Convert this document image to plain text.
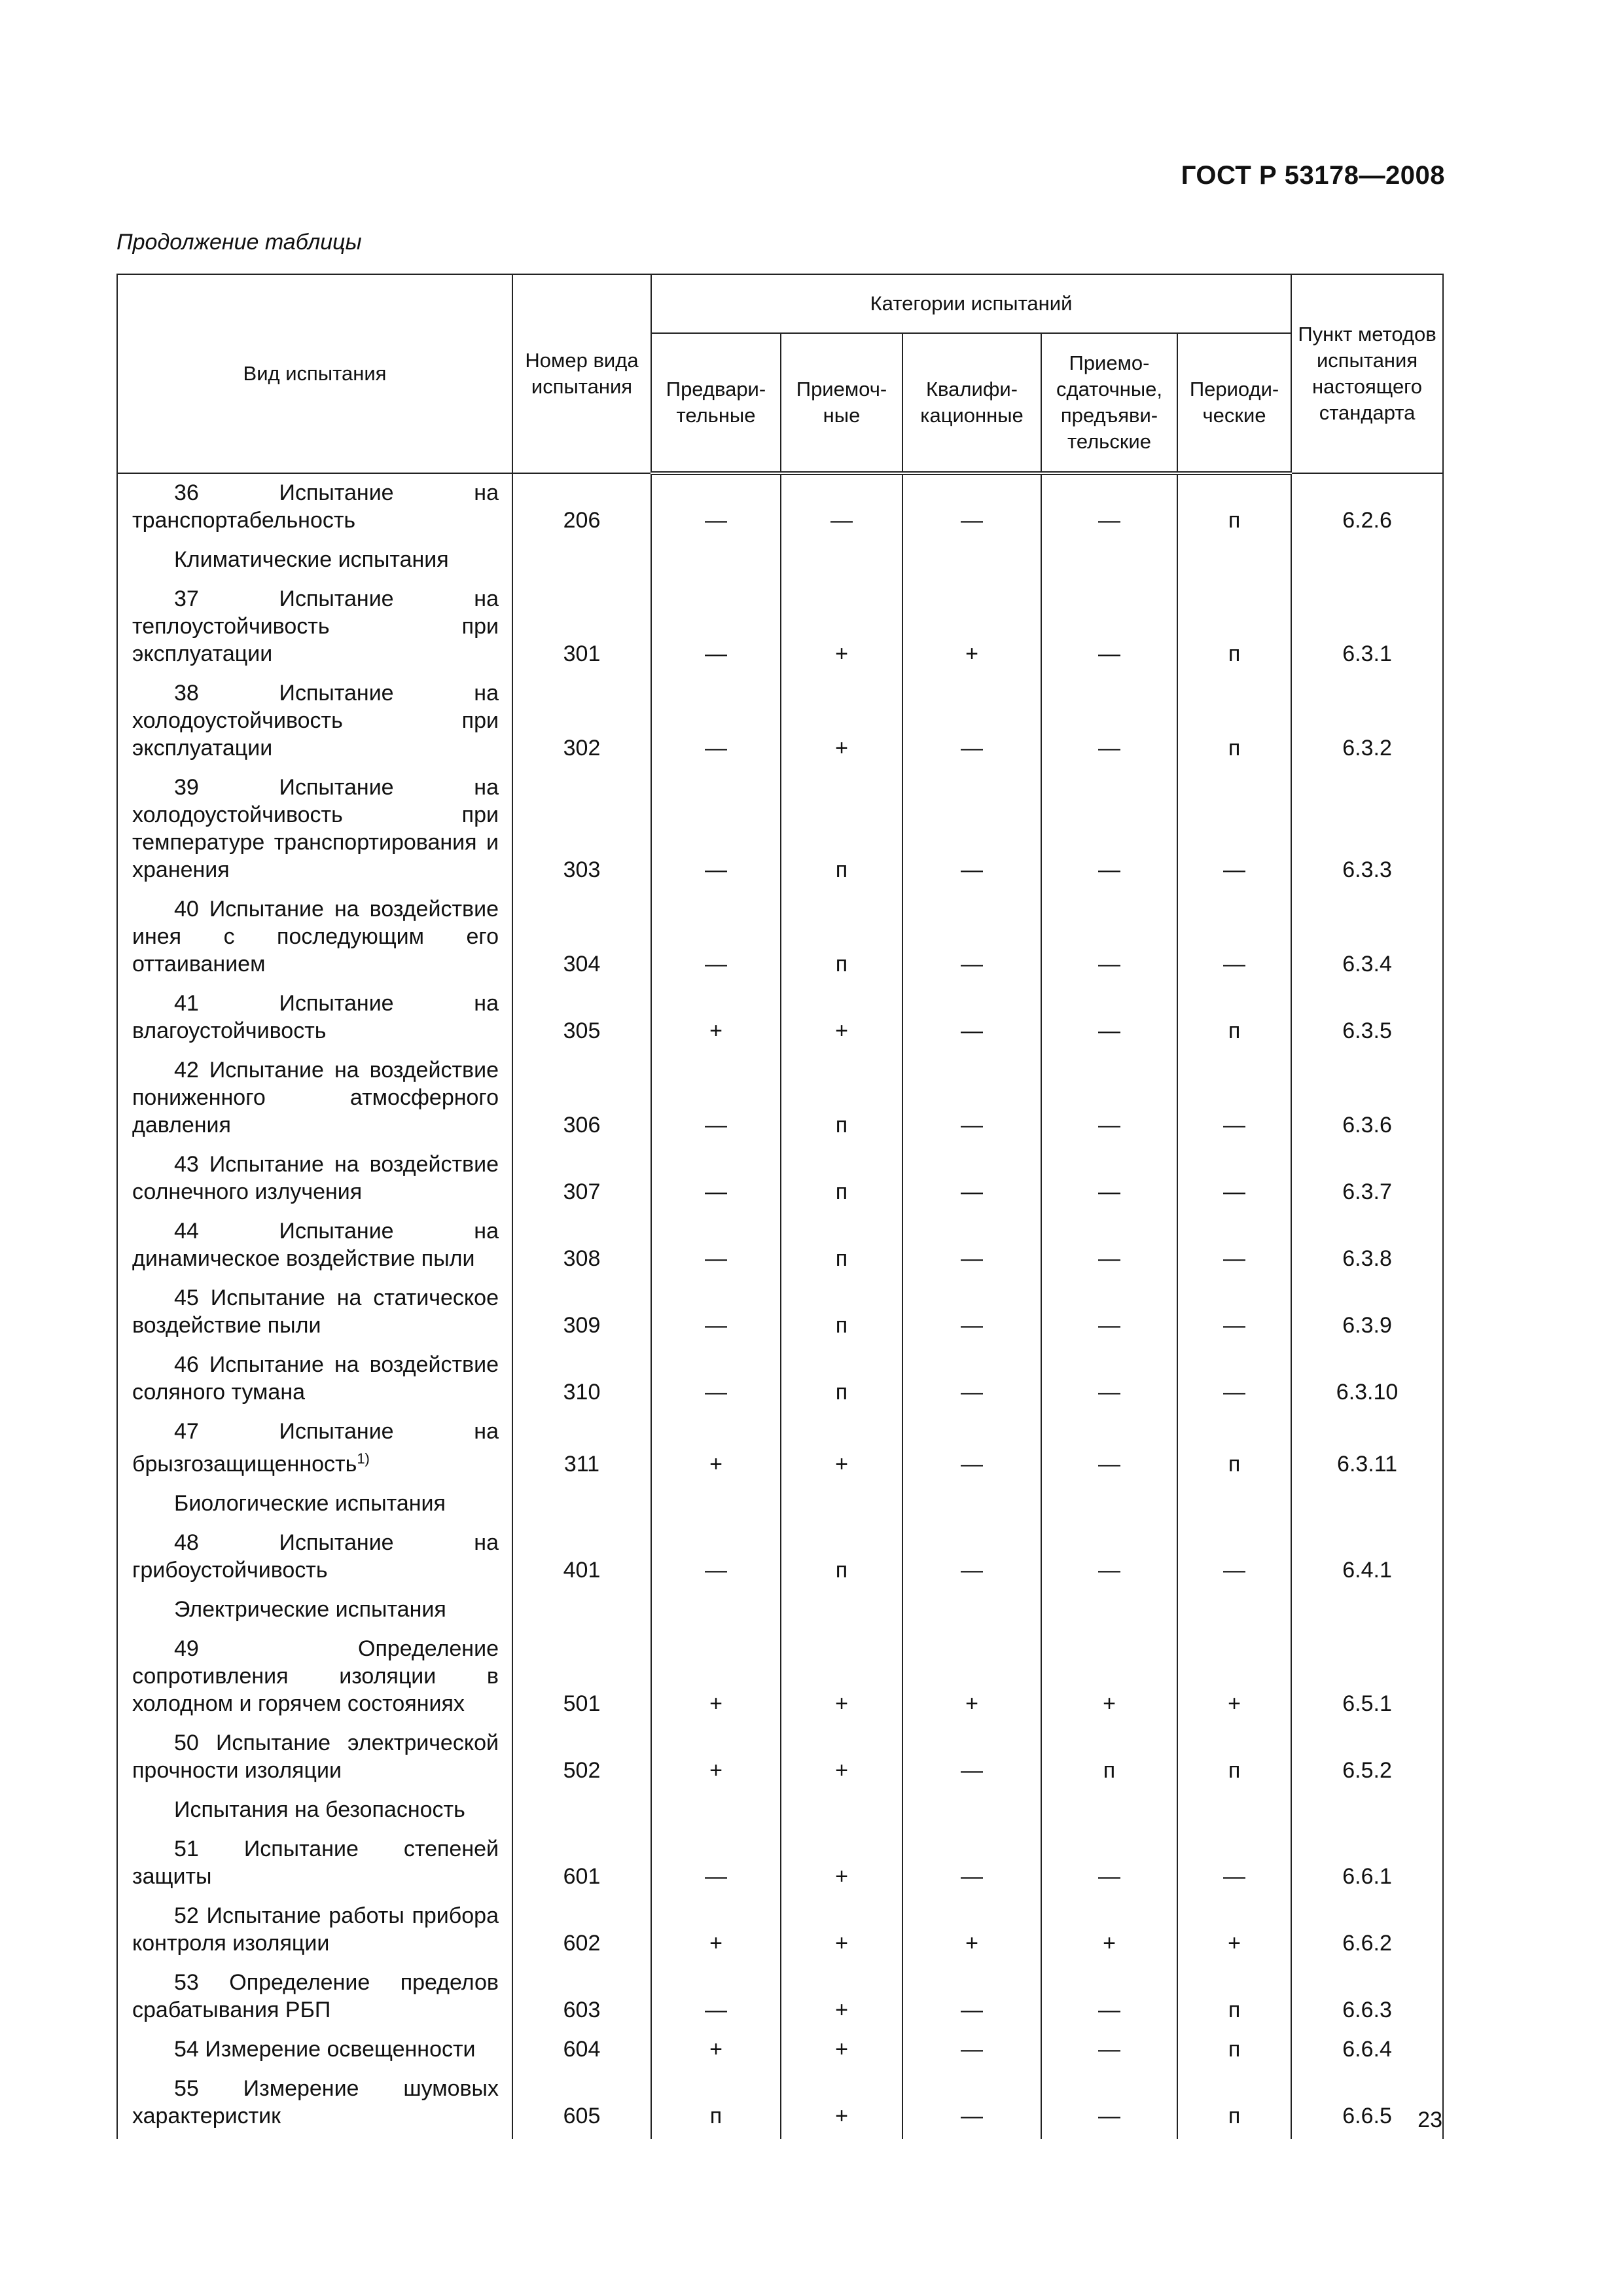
ГОСТ Р 53178—2008
Продолжение таблицы
Вид испытания	Номер вида испытания	Категории испытаний					Пункт методов испытания настоящего стандарта
		Предвари-тельные	Приемоч-ные	Квалифи-кационные	Приемо-сдаточные, предъяви-тельские	Периоди-ческие	
36 Испытание на транспортабельность	206	—	—	—	—	п	6.2.6
Климатические испытания							
37 Испытание на теплоустойчивость при эксплуатации	301	—	+	+	—	п	6.3.1
38 Испытание на холодоустойчивость при эксплуатации	302	—	+	—	—	п	6.3.2
39 Испытание на холодоустойчивость при температуре транспортирования и хранения	303	—	п	—	—	—	6.3.3
40 Испытание на воздействие инея с последующим его оттаиванием	304	—	п	—	—	—	6.3.4
41 Испытание на влагоустойчивость	305	+	+	—	—	п	6.3.5
42 Испытание на воздействие пониженного атмосферного давления	306	—	п	—	—	—	6.3.6
43 Испытание на воздействие солнечного излучения	307	—	п	—	—	—	6.3.7
44 Испытание на динамическое воздействие пыли	308	—	п	—	—	—	6.3.8
45 Испытание на статическое воздействие пыли	309	—	п	—	—	—	6.3.9
46 Испытание на воздействие соляного тумана	310	—	п	—	—	—	6.3.10
47 Испытание на брызгозащищенность$^{1)}$	311	+	+	—	—	п	6.3.11
Биологические испытания							
48 Испытание на грибоустойчивость	401	—	п	—	—	—	6.4.1
Электрические испытания							
49 Определение сопротивления изоляции в холодном и горячем состояниях	501	+	+	+	+	+	6.5.1
50 Испытание электрической прочности изоляции	502	+	+	—	п	п	6.5.2
Испытания на безопасность							
51 Испытание степеней защиты	601	—	+	—	—	—	6.6.1
52 Испытание работы прибора контроля изоляции	602	+	+	+	+	+	6.6.2
53 Определение пределов срабатывания РБП	603	—	+	—	—	п	6.6.3
54 Измерение освещенности	604	+	+	—	—	п	6.6.4
55 Измерение шумовых характеристик	605	п	+	—	—	п	6.6.5 23
